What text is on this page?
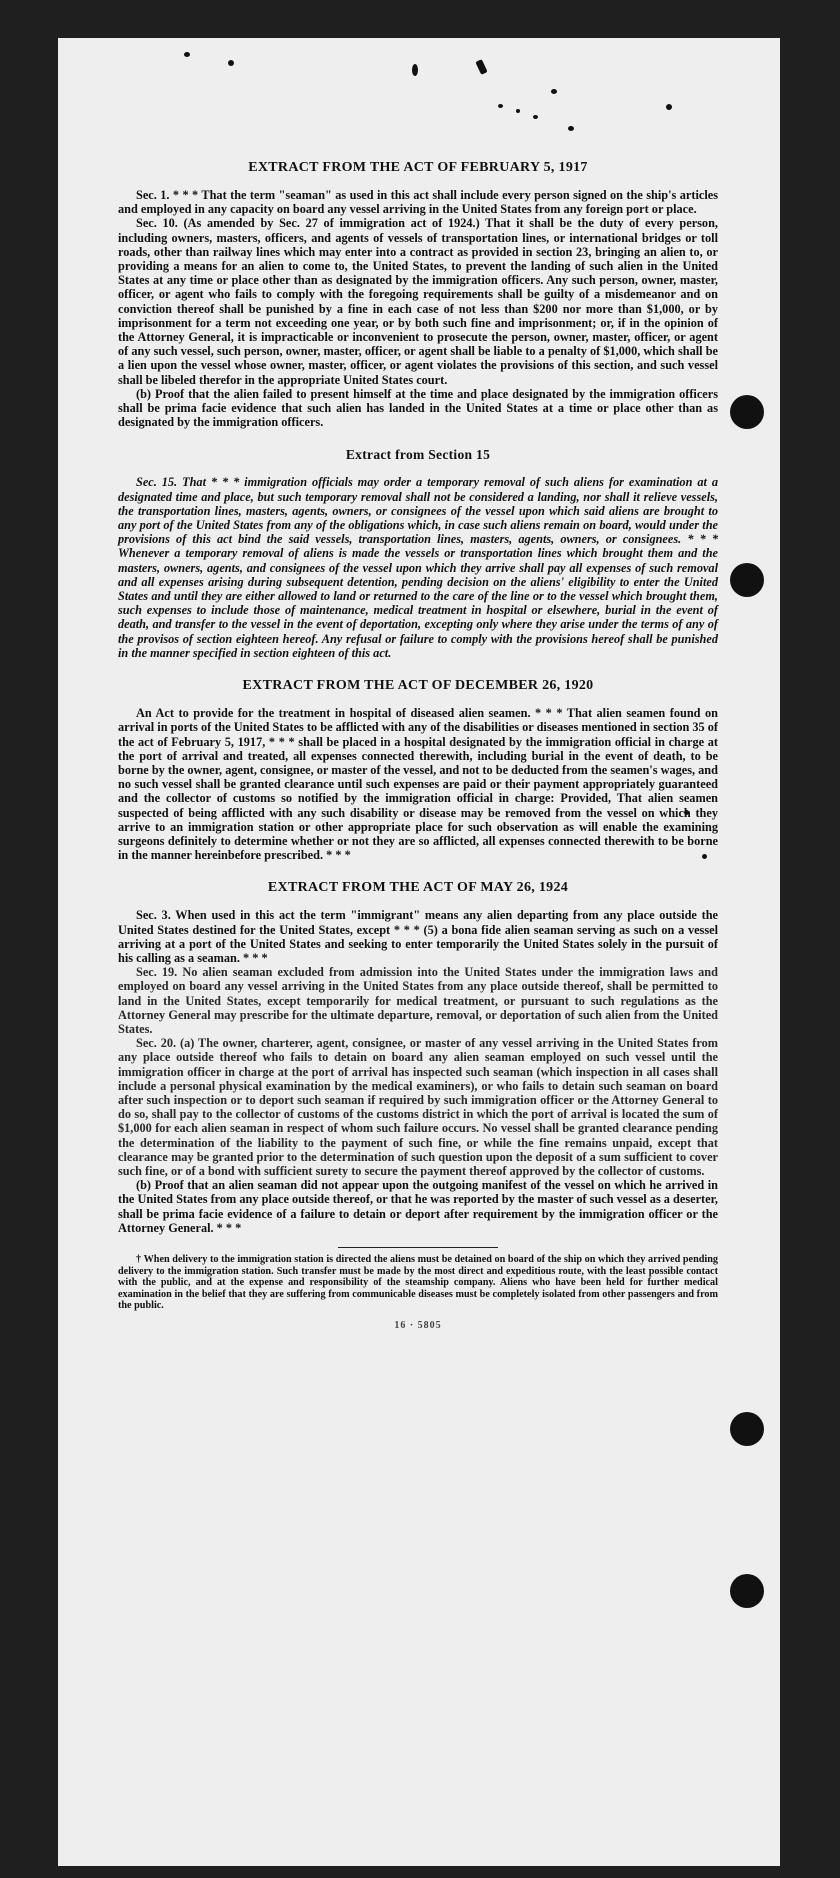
EXTRACT FROM THE ACT OF FEBRUARY 5, 1917

Sec. 1. * * * That the term "seaman" as used in this act shall include every person signed on the ship's articles and employed in any capacity on board any vessel arriving in the United States from any foreign port or place.

Sec. 10. (As amended by Sec. 27 of immigration act of 1924.) That it shall be the duty of every person, including owners, masters, officers, and agents of vessels of transportation lines, or international bridges or toll roads, other than railway lines which may enter into a contract as provided in section 23, bringing an alien to, or providing a means for an alien to come to, the United States, to prevent the landing of such alien in the United States at any time or place other than as designated by the immigration officers. Any such person, owner, master, officer, or agent who fails to comply with the foregoing requirements shall be guilty of a misdemeanor and on conviction thereof shall be punished by a fine in each case of not less than $200 nor more than $1,000, or by imprisonment for a term not exceeding one year, or by both such fine and imprisonment; or, if in the opinion of the Attorney General, it is impracticable or inconvenient to prosecute the person, owner, master, officer, or agent of any such vessel, such person, owner, master, officer, or agent shall be liable to a penalty of $1,000, which shall be a lien upon the vessel whose owner, master, officer, or agent violates the provisions of this section, and such vessel shall be libeled therefor in the appropriate United States court.

(b) Proof that the alien failed to present himself at the time and place designated by the immigration officers shall be prima facie evidence that such alien has landed in the United States at a time or place other than as designated by the immigration officers.

Extract from Section 15

Sec. 15. That * * * immigration officials may order a temporary removal of such aliens for examination at a designated time and place, but such temporary removal shall not be considered a landing, nor shall it relieve vessels, the transportation lines, masters, agents, owners, or consignees of the vessel upon which said aliens are brought to any port of the United States from any of the obligations which, in case such aliens remain on board, would under the provisions of this act bind the said vessels, transportation lines, masters, agents, owners, or consignees. * * * Whenever a temporary removal of aliens is made the vessels or transportation lines which brought them and the masters, owners, agents, and consignees of the vessel upon which they arrive shall pay all expenses of such removal and all expenses arising during subsequent detention, pending decision on the aliens' eligibility to enter the United States and until they are either allowed to land or returned to the care of the line or to the vessel which brought them, such expenses to include those of maintenance, medical treatment in hospital or elsewhere, burial in the event of death, and transfer to the vessel in the event of deportation, excepting only where they arise under the terms of any of the provisos of section eighteen hereof. Any refusal or failure to comply with the provisions hereof shall be punished in the manner specified in section eighteen of this act.

EXTRACT FROM THE ACT OF DECEMBER 26, 1920

An Act to provide for the treatment in hospital of diseased alien seamen. * * * That alien seamen found on arrival in ports of the United States to be afflicted with any of the disabilities or diseases mentioned in section 35 of the act of February 5, 1917, * * * shall be placed in a hospital designated by the immigration official in charge at the port of arrival and treated, all expenses connected therewith, including burial in the event of death, to be borne by the owner, agent, consignee, or master of the vessel, and not to be deducted from the seamen's wages, and no such vessel shall be granted clearance until such expenses are paid or their payment appropriately guaranteed and the collector of customs so notified by the immigration official in charge: Provided, That alien seamen suspected of being afflicted with any such disability or disease may be removed from the vessel on which they arrive to an immigration station or other appropriate place for such observation as will enable the examining surgeons definitely to determine whether or not they are so afflicted, all expenses connected therewith to be borne in the manner hereinbefore prescribed. * * *

EXTRACT FROM THE ACT OF MAY 26, 1924

Sec. 3. When used in this act the term "immigrant" means any alien departing from any place outside the United States destined for the United States, except * * * (5) a bona fide alien seaman serving as such on a vessel arriving at a port of the United States and seeking to enter temporarily the United States solely in the pursuit of his calling as a seaman. * * *

Sec. 19. No alien seaman excluded from admission into the United States under the immigration laws and employed on board any vessel arriving in the United States from any place outside thereof, shall be permitted to land in the United States, except temporarily for medical treatment, or pursuant to such regulations as the Attorney General may prescribe for the ultimate departure, removal, or deportation of such alien from the United States.

Sec. 20. (a) The owner, charterer, agent, consignee, or master of any vessel arriving in the United States from any place outside thereof who fails to detain on board any alien seaman employed on such vessel until the immigration officer in charge at the port of arrival has inspected such seaman (which inspection in all cases shall include a personal physical examination by the medical examiners), or who fails to detain such seaman on board after such inspection or to deport such seaman if required by such immigration officer or the Attorney General to do so, shall pay to the collector of customs of the customs district in which the port of arrival is located the sum of $1,000 for each alien seaman in respect of whom such failure occurs. No vessel shall be granted clearance pending the determination of the liability to the payment of such fine, or while the fine remains unpaid, except that clearance may be granted prior to the determination of such question upon the deposit of a sum sufficient to cover such fine, or of a bond with sufficient surety to secure the payment thereof approved by the collector of customs.

(b) Proof that an alien seaman did not appear upon the outgoing manifest of the vessel on which he arrived in the United States from any place outside thereof, or that he was reported by the master of such vessel as a deserter, shall be prima facie evidence of a failure to detain or deport after requirement by the immigration officer or the Attorney General. * * *

† When delivery to the immigration station is directed the aliens must be detained on board of the ship on which they arrived pending delivery to the immigration station. Such transfer must be made by the most direct and expeditious route, with the least possible contact with the public, and at the expense and responsibility of the steamship company. Aliens who have been held for further medical examination in the belief that they are suffering from communicable diseases must be completely isolated from other passengers and from the public.

16 · 5805
